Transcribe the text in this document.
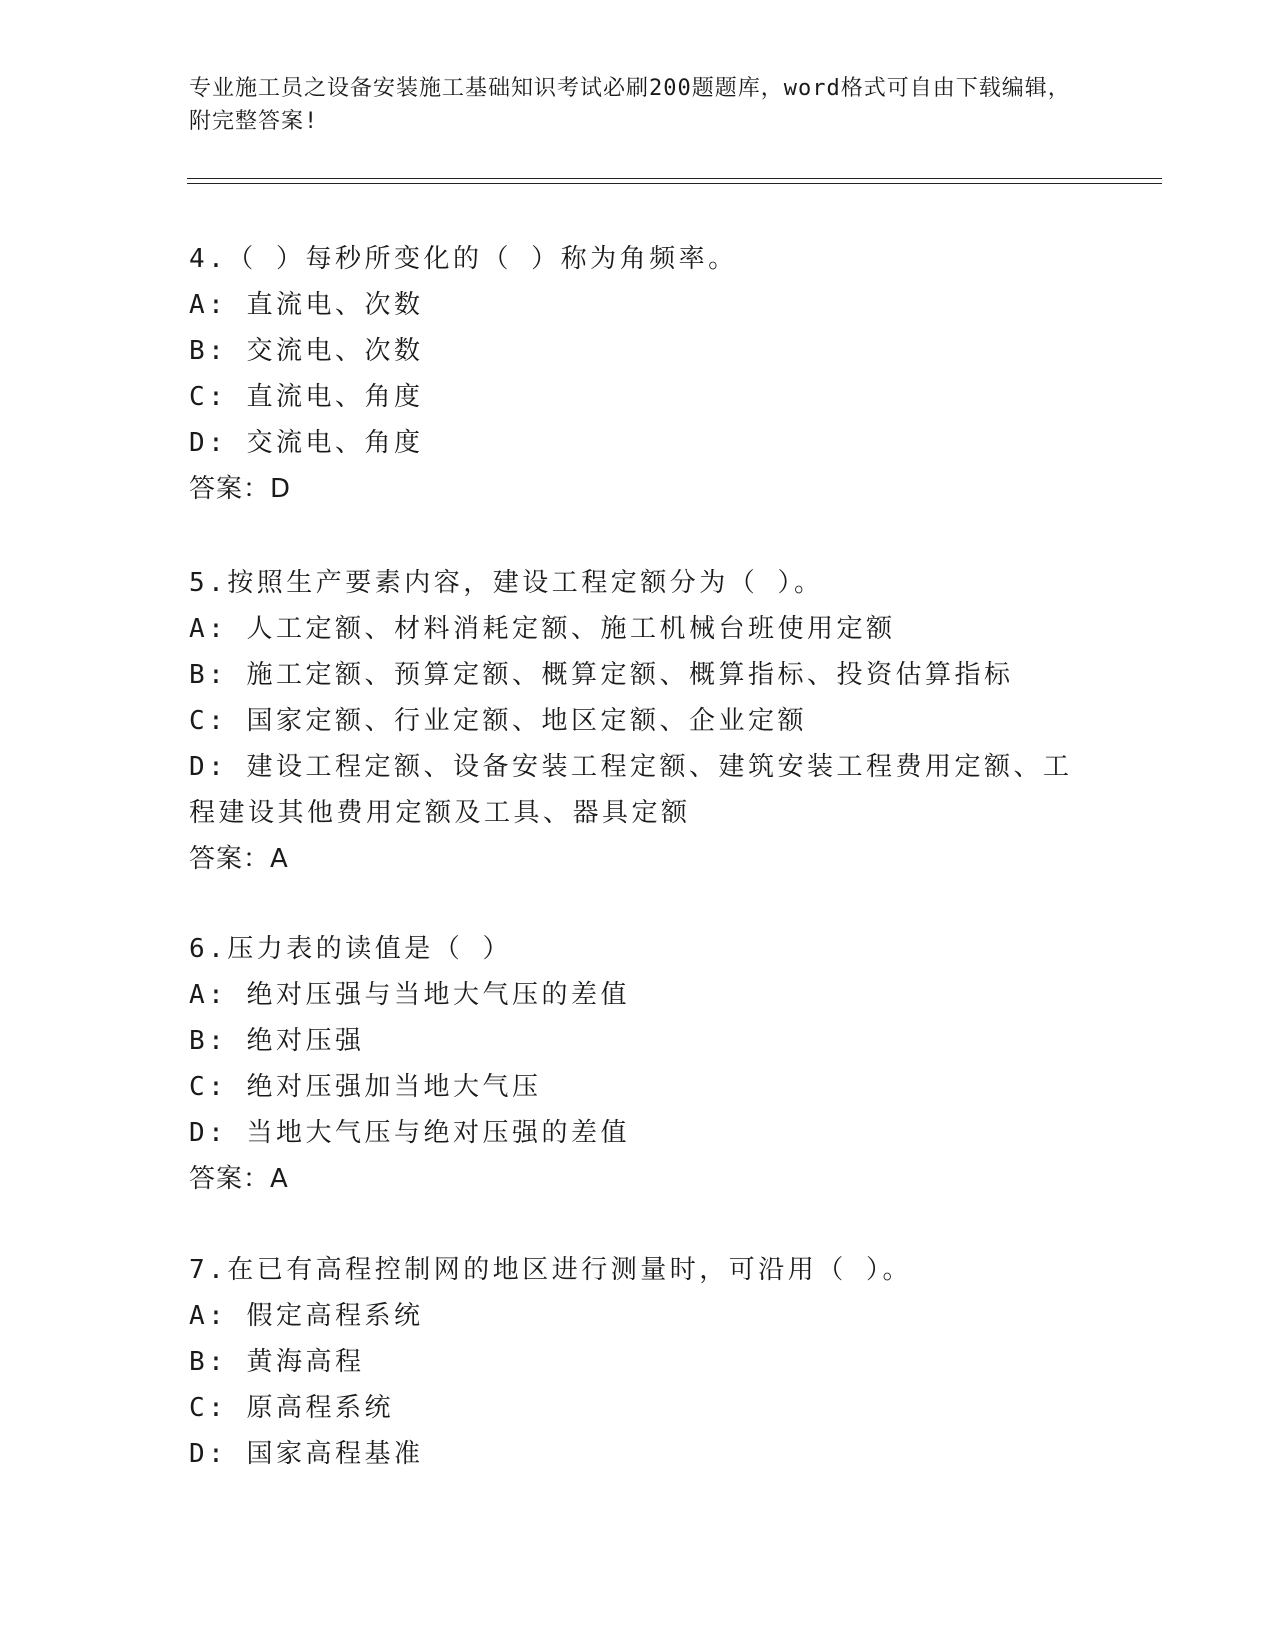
专业施工员之设备安装施工基础知识考试必刷200题题库，word格式可自由下载编辑，附完整答案!
4.（ ）每秒所变化的（ ）称为角频率。
A: 直流电、次数
B: 交流电、次数
C: 直流电、角度
D: 交流电、角度
答案：D
5.按照生产要素内容，建设工程定额分为（ ）。
A: 人工定额、材料消耗定额、施工机械台班使用定额
B: 施工定额、预算定额、概算定额、概算指标、投资估算指标
C: 国家定额、行业定额、地区定额、企业定额
D: 建设工程定额、设备安装工程定额、建筑安装工程费用定额、工程建设其他费用定额及工具、器具定额
答案：A
6.压力表的读值是（ ）
A: 绝对压强与当地大气压的差值
B: 绝对压强
C: 绝对压强加当地大气压
D: 当地大气压与绝对压强的差值
答案：A
7.在已有高程控制网的地区进行测量时，可沿用（ ）。
A: 假定高程系统
B: 黄海高程
C: 原高程系统
D: 国家高程基准
